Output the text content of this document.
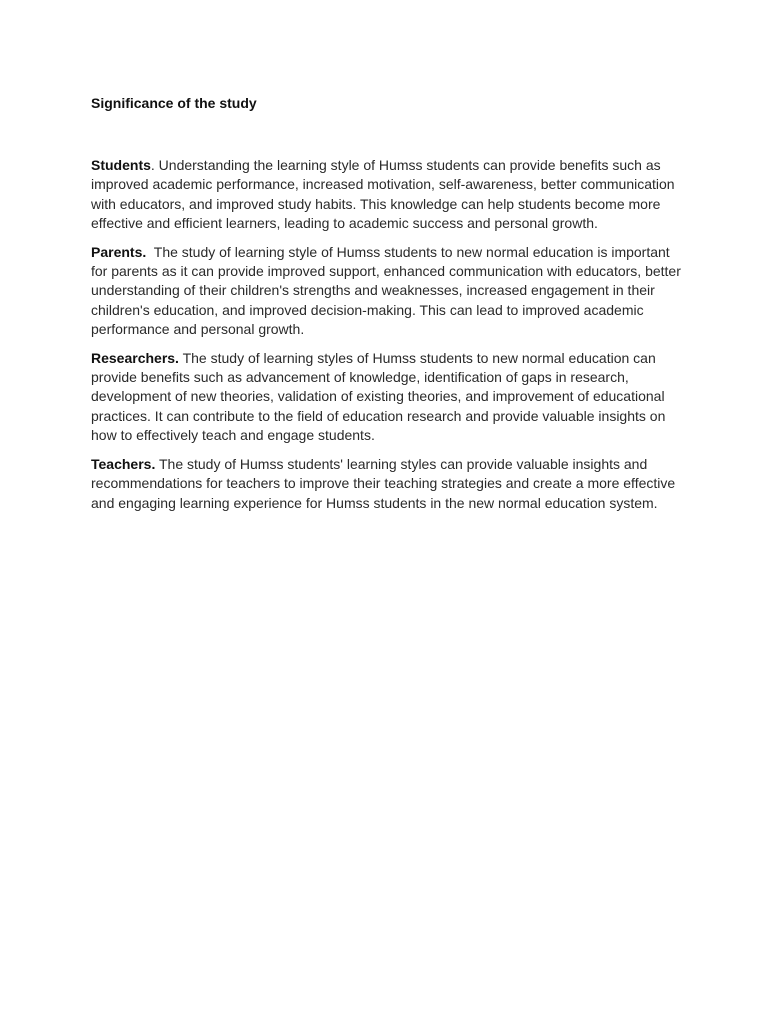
Significance of the study

Students. Understanding the learning style of Humss students can provide benefits such as improved academic performance, increased motivation, self-awareness, better communication with educators, and improved study habits. This knowledge can help students become more effective and efficient learners, leading to academic success and personal growth.

Parents.  The study of learning style of Humss students to new normal education is important for parents as it can provide improved support, enhanced communication with educators, better understanding of their children's strengths and weaknesses, increased engagement in their children's education, and improved decision-making. This can lead to improved academic performance and personal growth.

Researchers. The study of learning styles of Humss students to new normal education can provide benefits such as advancement of knowledge, identification of gaps in research, development of new theories, validation of existing theories, and improvement of educational practices. It can contribute to the field of education research and provide valuable insights on how to effectively teach and engage students.

Teachers. The study of Humss students' learning styles can provide valuable insights and recommendations for teachers to improve their teaching strategies and create a more effective and engaging learning experience for Humss students in the new normal education system.
